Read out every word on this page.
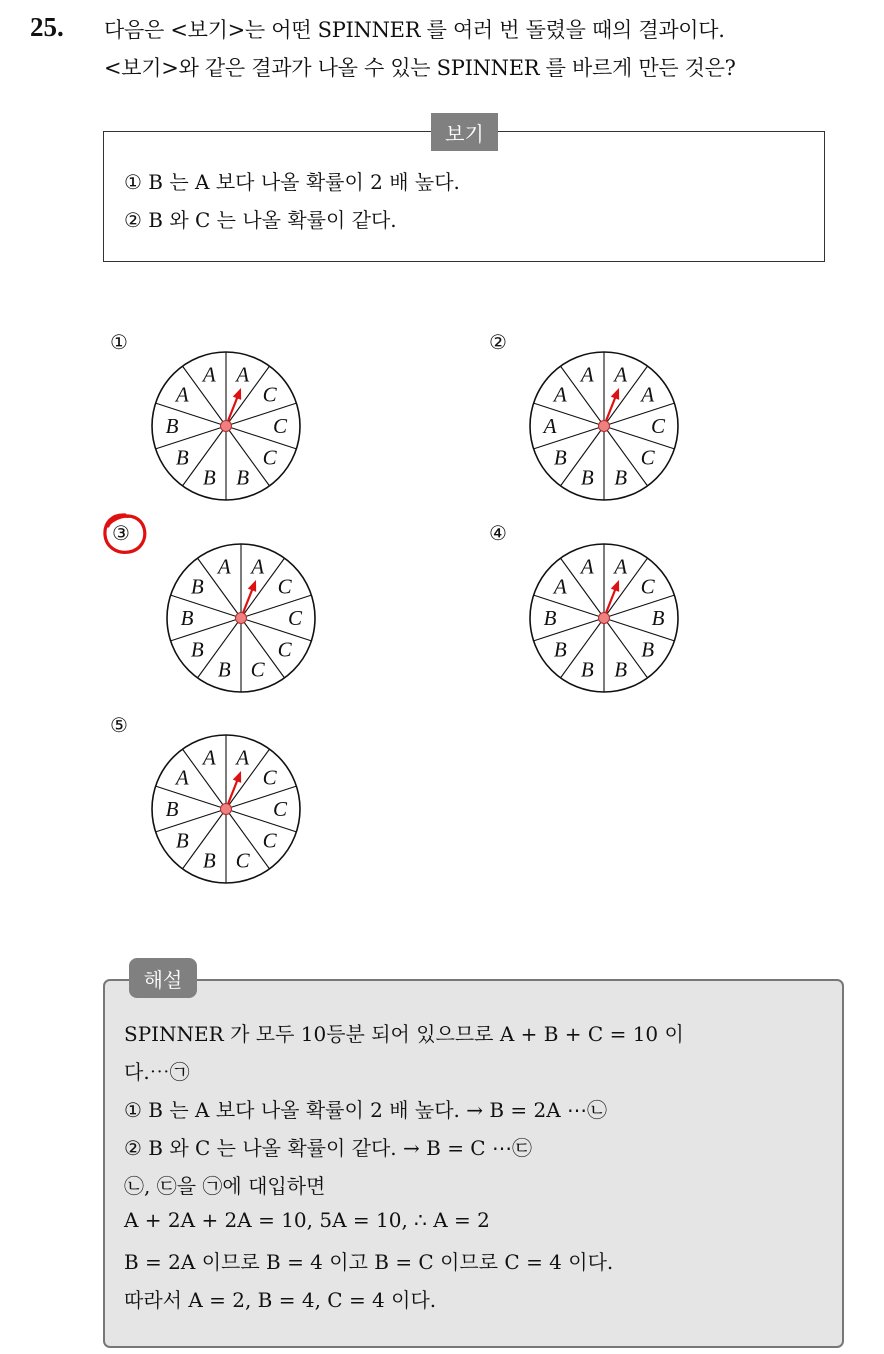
25. 다음은 <보기>는 어떤 SPINNER 를 여러 번 돌렸을 때의 결과이다.
<보기>와 같은 결과가 나올 수 있는 SPINNER 를 바르게 만든 것은?
보기
① B 는 A 보다 나올 확률이 2 배 높다.
② B 와 C 는 나올 확률이 같다.
①
A
C
C
C
B
B
B
B
A
A
②
A
A
C
C
B
B
B
A
A
A
③
A
C
C
C
C
B
B
B
B
A
④
A
C
B
B
B
B
B
B
A
A
⑤
A
C
C
C
C
B
B
B
A
A
해설
SPINNER 가 모두 10등분 되어 있으므로 A + B + C = 10 이
다.⋯㉠
① B 는 A 보다 나올 확률이 2 배 높다. → B = 2A ⋯㉡
② B 와 C 는 나올 확률이 같다. → B = C ⋯㉢
㉡, ㉢을 ㉠에 대입하면
A + 2A + 2A = 10, 5A = 10, ∴ A = 2
B = 2A 이므로 B = 4 이고 B = C 이므로 C = 4 이다.
따라서 A = 2, B = 4, C = 4 이다.
